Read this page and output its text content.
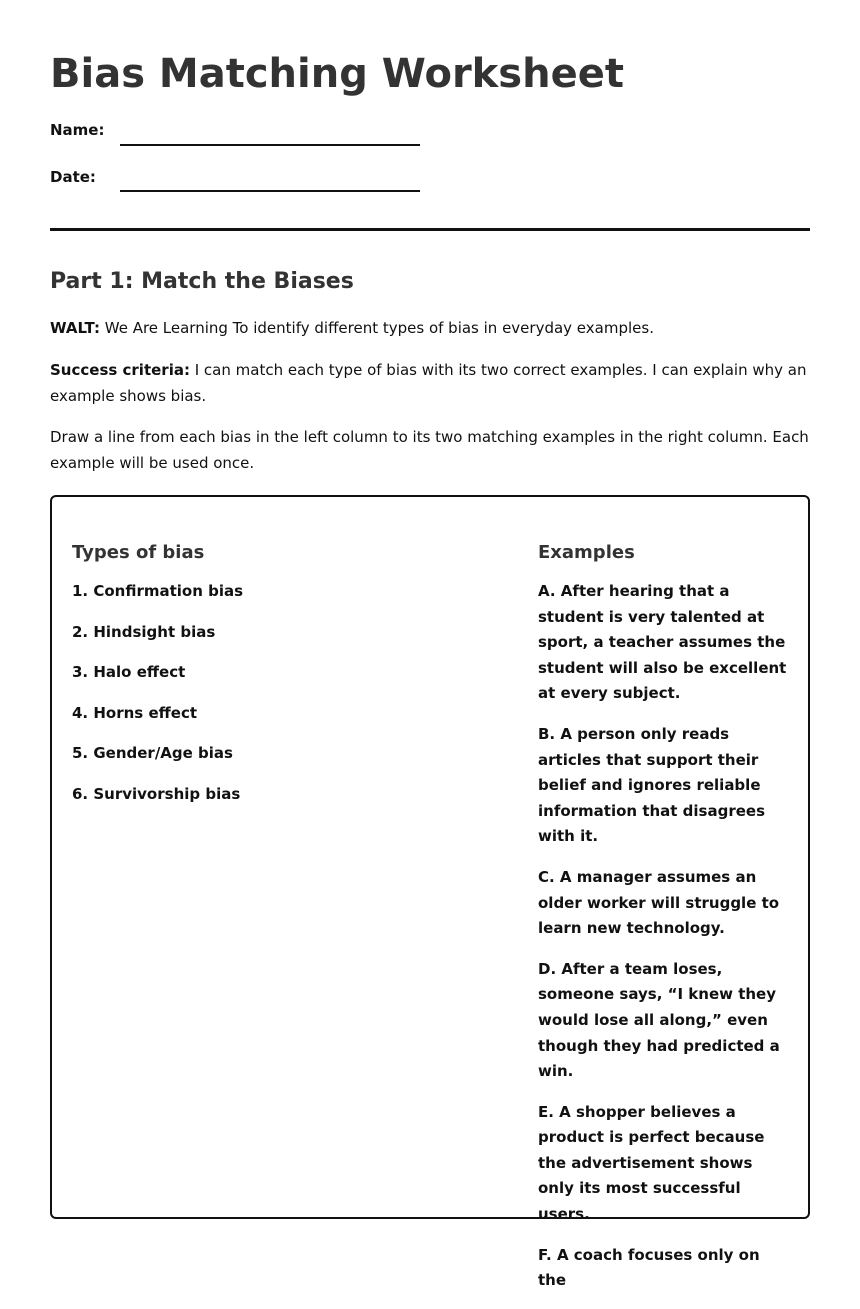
Bias Matching Worksheet
Name:
Date:
Part 1: Match the Biases

WALT: We Are Learning To identify different types of bias in everyday examples.

Success criteria: I can match each type of bias with its two correct examples. I can explain why an example shows bias.

Draw a line from each bias in the left column to its two matching examples in the right column. Each example will be used once.

Types of bias
1. Confirmation bias
2. Hindsight bias
3. Halo effect
4. Horns effect
5. Gender/Age bias
6. Survivorship bias
Examples
A. After hearing that a student is very talented at sport, a teacher assumes the student will also be excellent at every subject.
B. A person only reads articles that support their belief and ignores reliable information that disagrees with it.
C. A manager assumes an older worker will struggle to learn new technology.
D. After a team loses, someone says, “I knew they would lose all along,” even though they had predicted a win.
E. A shopper believes a product is perfect because the advertisement shows only its most successful users.
F. A coach focuses only on the
